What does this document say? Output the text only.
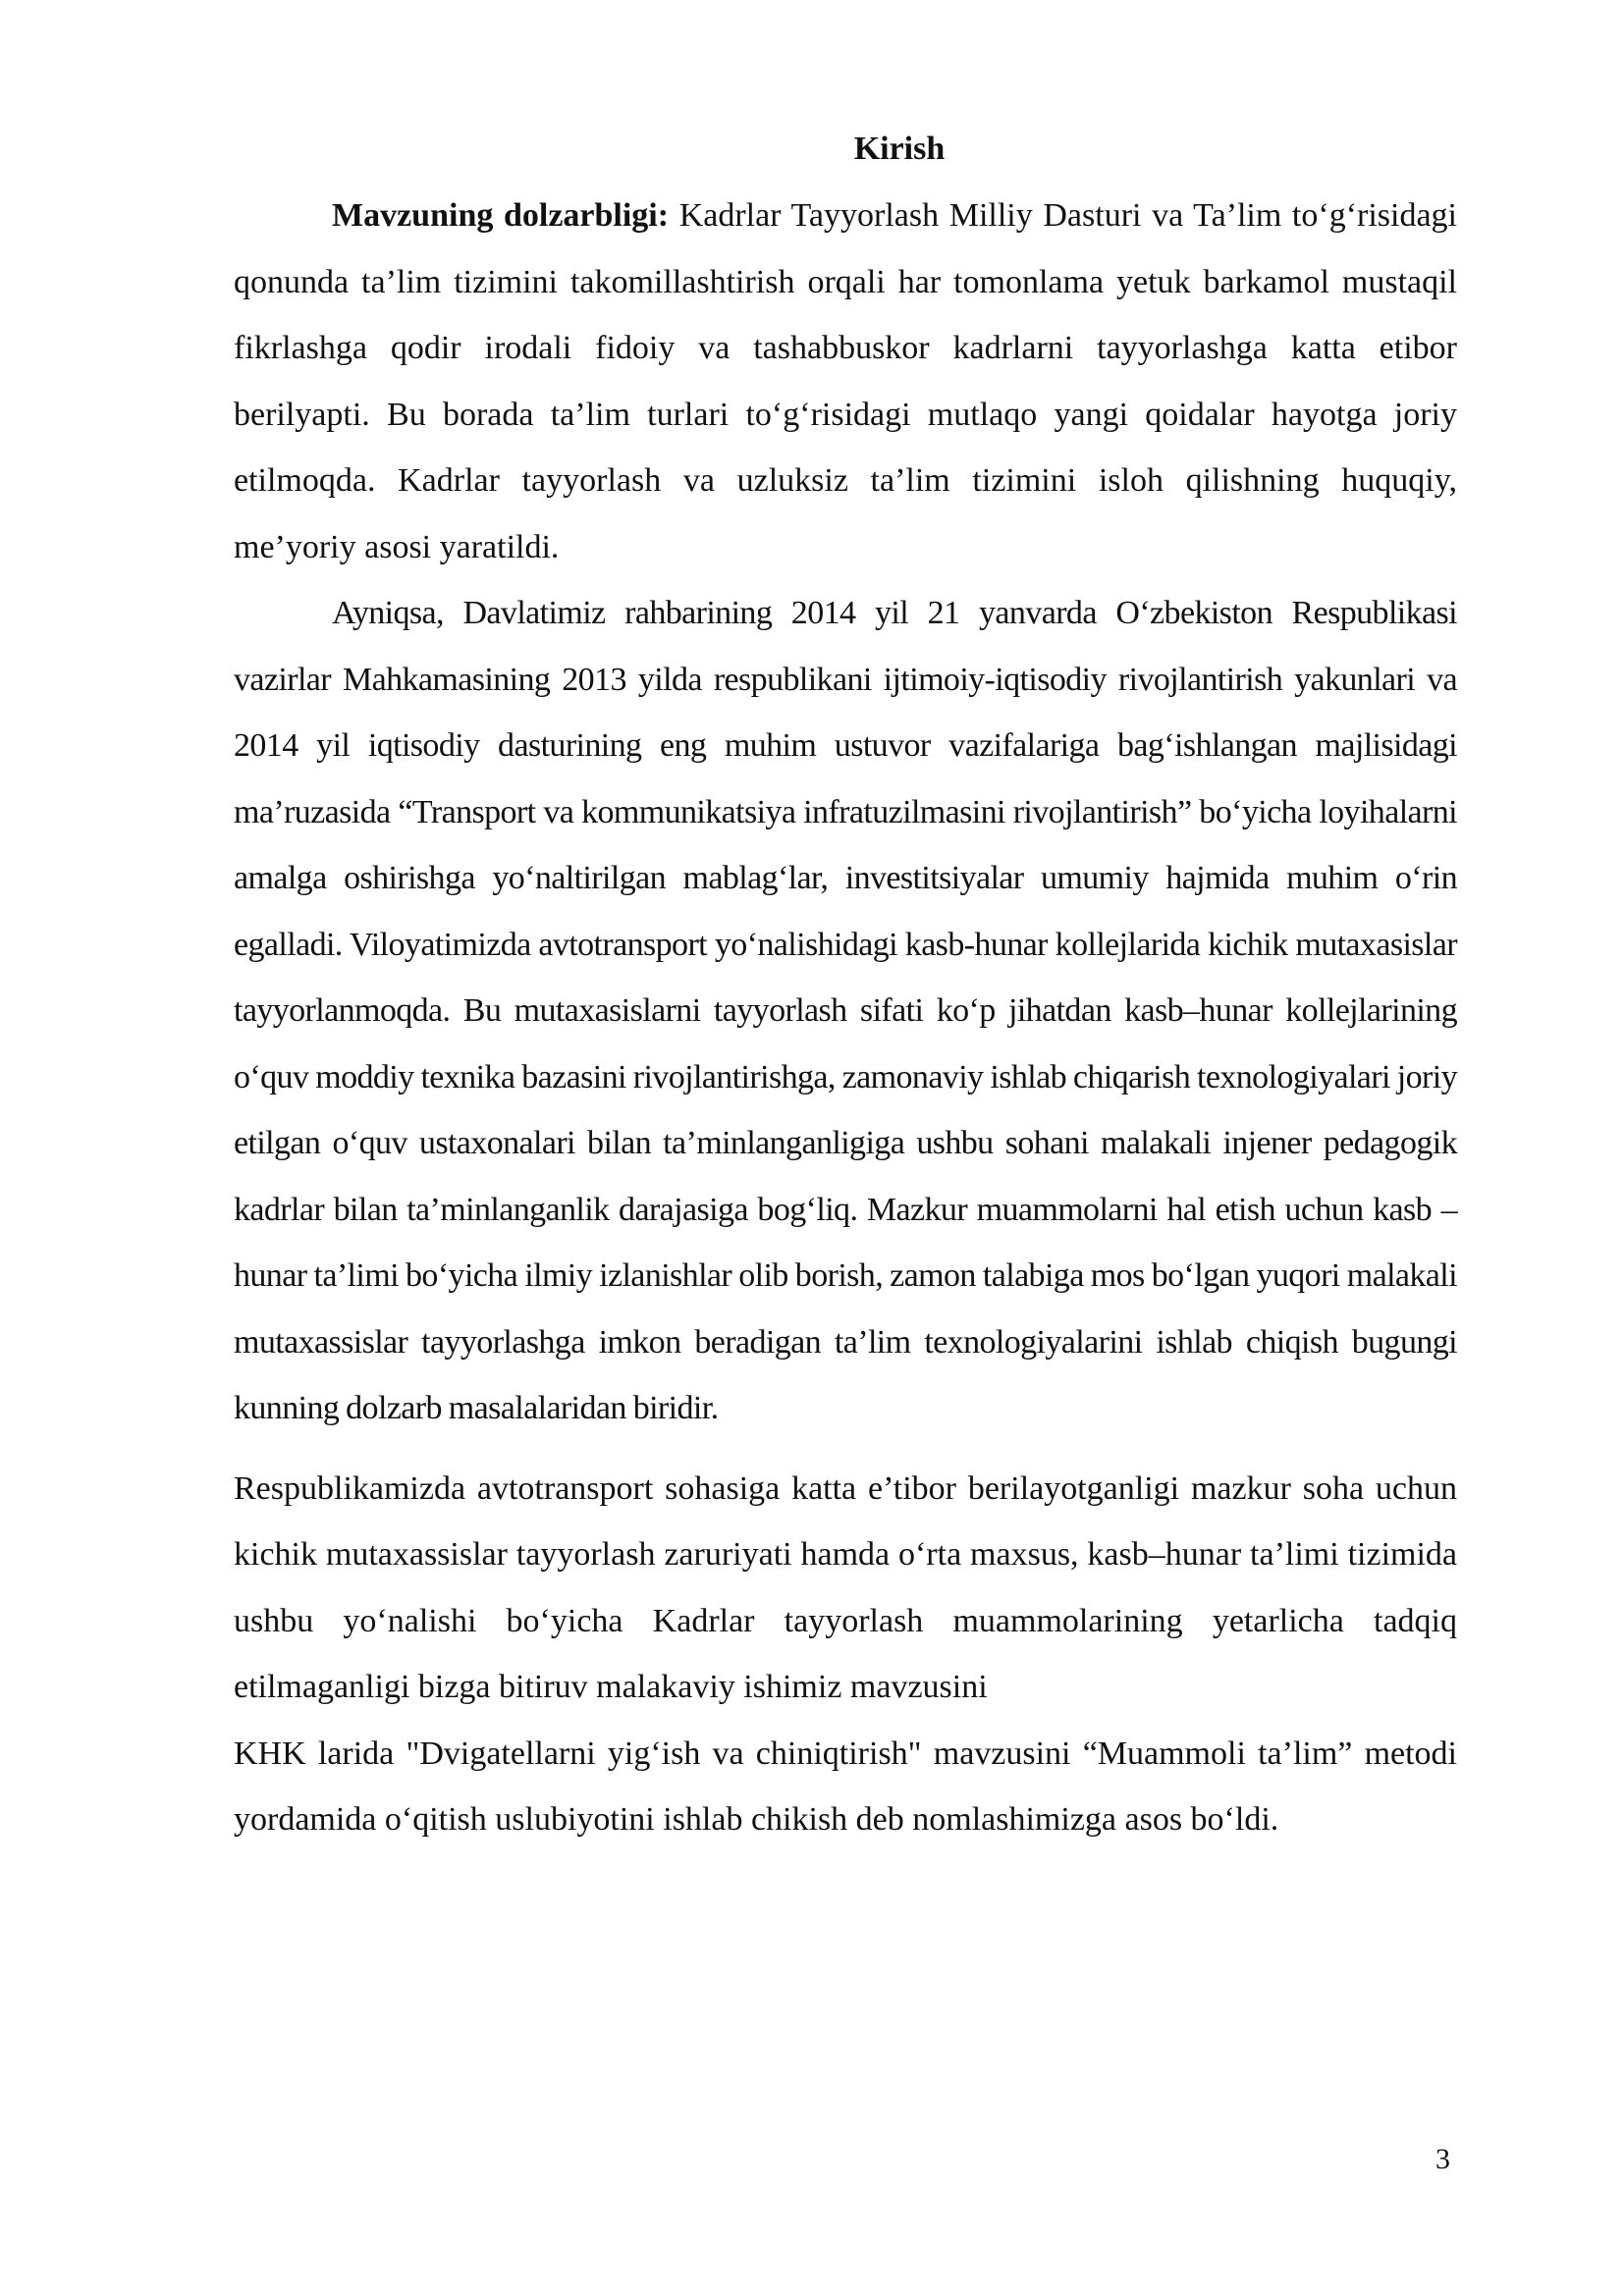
Kirish

Mavzuning dolzarbligi: Kadrlar Tayyorlash Milliy Dasturi va Ta’lim to‘g‘risidagi qonunda ta’lim tizimini takomillashtirish orqali har tomonlama yetuk barkamol mustaqil fikrlashga qodir irodali fidoiy va tashabbuskor kadrlarni tayyorlashga katta etibor berilyapti. Bu borada ta’lim turlari to‘g‘risidagi mutlaqo yangi qoidalar hayotga joriy etilmoqda. Kadrlar tayyorlash va uzluksiz ta’lim tizimini isloh qilishning huquqiy, me’yoriy asosi yaratildi.

Ayniqsa, Davlatimiz rahbarining 2014 yil 21 yanvarda O‘zbekiston Respublikasi vazirlar Mahkamasining 2013 yilda respublikani ijtimoiy-iqtisodiy rivojlantirish yakunlari va 2014 yil iqtisodiy dasturining eng muhim ustuvor vazifalariga bag‘ishlangan majlisidagi ma’ruzasida “Transport va kommunikatsiya infratuzilmasini rivojlantirish” bo‘yicha loyihalarni amalga oshirishga yo‘naltirilgan mablag‘lar, investitsiyalar umumiy hajmida muhim o‘rin egalladi. Viloyatimizda avtotransport yo‘nalishidagi kasb-hunar kollejlarida kichik mutaxasislar tayyorlanmoqda. Bu mutaxasislarni tayyorlash sifati ko‘p jihatdan kasb–hunar kollejlarining o‘quv moddiy texnika bazasini rivojlantirishga, zamonaviy ishlab chiqarish texnologiyalari joriy etilgan o‘quv ustaxonalari bilan ta’minlanganligiga ushbu sohani malakali injener pedagogik kadrlar bilan ta’minlanganlik darajasiga bog‘liq. Mazkur muammolarni hal etish uchun kasb – hunar ta’limi bo‘yicha ilmiy izlanishlar olib borish, zamon talabiga mos bo‘lgan yuqori malakali mutaxassislar tayyorlashga imkon beradigan ta’lim texnologiyalarini ishlab chiqish bugungi kunning dolzarb masalalaridan biridir.

Respublikamizda avtotransport sohasiga katta e’tibor berilayotganligi mazkur soha uchun kichik mutaxassislar tayyorlash zaruriyati hamda o‘rta maxsus, kasb–hunar ta’limi tizimida ushbu yo‘nalishi bo‘yicha Kadrlar tayyorlash muammolarining yetarlicha tadqiq etilmaganligi bizga bitiruv malakaviy ishimiz mavzusini

KHK larida "Dvigatellarni yig‘ish va chiniqtirish" mavzusini “Muammoli ta’lim” metodi yordamida o‘qitish uslubiyotini ishlab chikish deb nomlashimizga asos bo‘ldi.

3
